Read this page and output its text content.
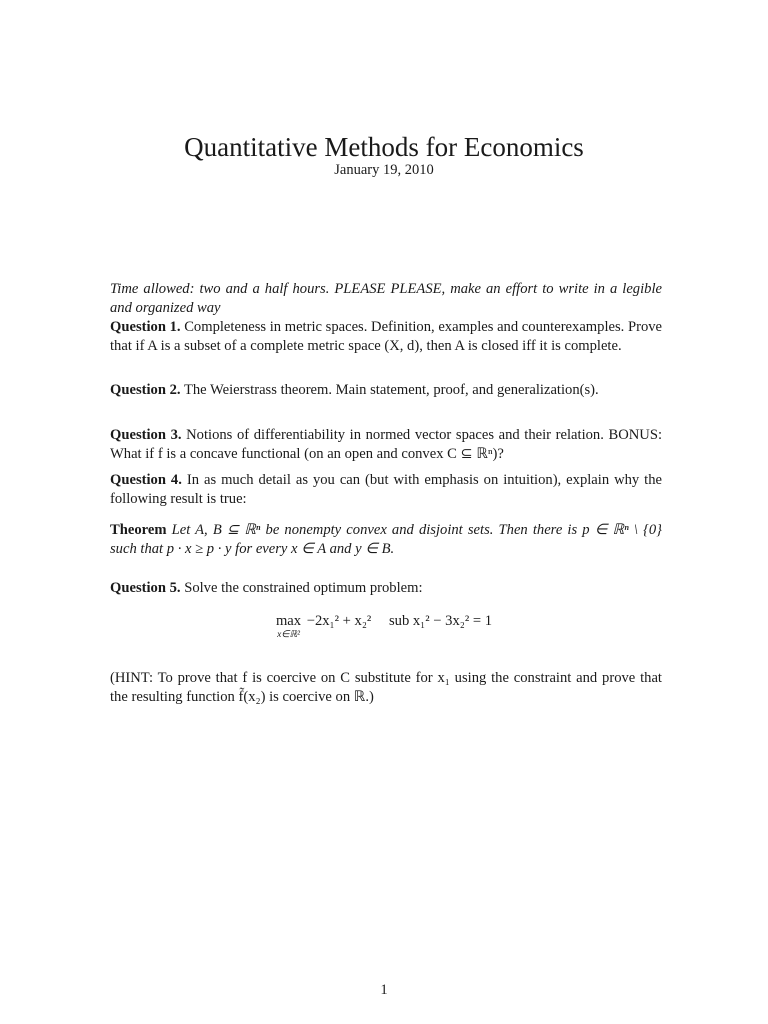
Quantitative Methods for Economics
January 19, 2010

Time allowed: two and a half hours. PLEASE PLEASE, make an effort to write in a legible and organized way

Question 1. Completeness in metric spaces. Definition, examples and counterexamples. Prove that if A is a subset of a complete metric space (X, d), then A is closed iff it is complete.

Question 2. The Weierstrass theorem. Main statement, proof, and generalization(s).

Question 3. Notions of differentiability in normed vector spaces and their relation. BONUS: What if f is a concave functional (on an open and convex C ⊆ ℝⁿ)?

Question 4. In as much detail as you can (but with emphasis on intuition), explain why the following result is true:

Theorem Let A, B ⊆ ℝⁿ be nonempty convex and disjoint sets. Then there is p ∈ ℝⁿ \ {0} such that p · x ≥ p · y for every x ∈ A and y ∈ B.

Question 5. Solve the constrained optimum problem:

max
x∈ℝ²
−2x₁² + x₂² sub x₁² − 3x₂² = 1

(HINT: To prove that f is coercive on C substitute for x₁ using the constraint and prove that the resulting function f̃(x₂) is coercive on ℝ.)

1
